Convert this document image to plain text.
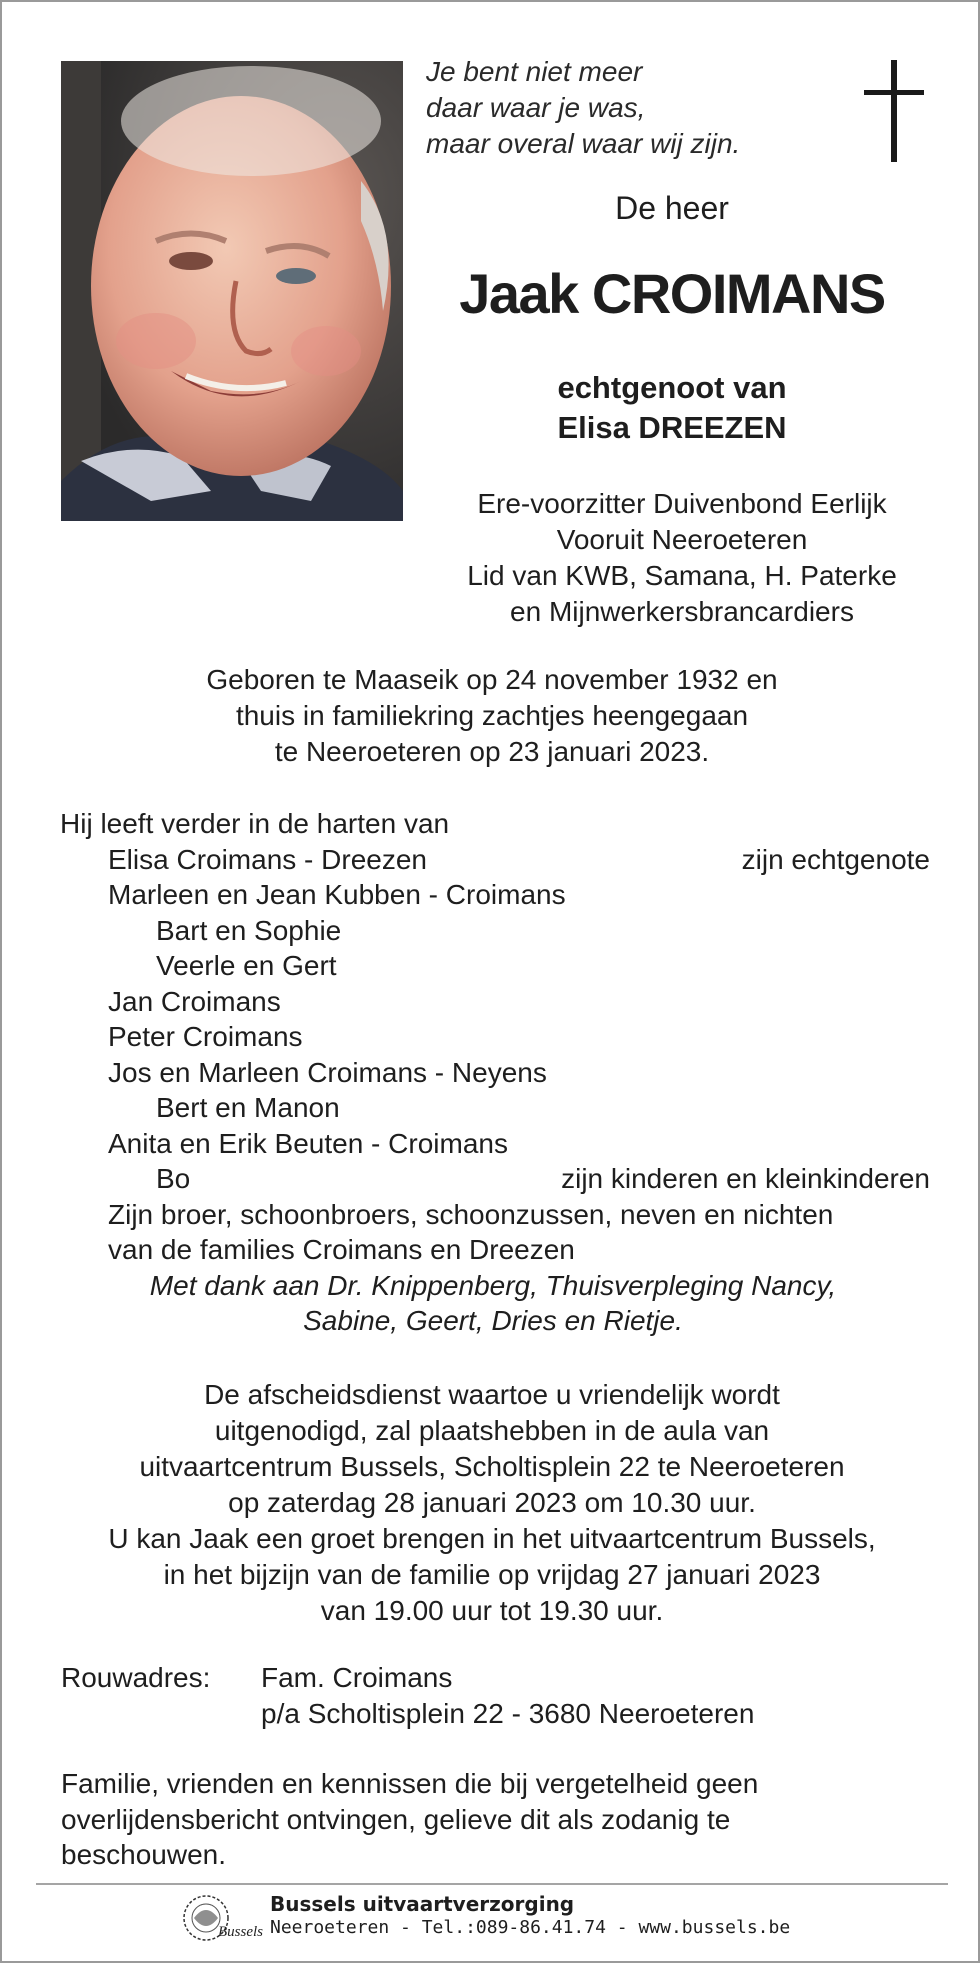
Je bent niet meer
daar waar je was,
maar overal waar wij zijn.
De heer
Jaak CROIMANS
echtgenoot van
Elisa DREEZEN
Ere-voorzitter Duivenbond Eerlijk
Vooruit Neeroeteren
Lid van KWB, Samana, H. Paterke
en Mijnwerkersbrancardiers
Geboren te Maaseik op 24 november 1932 en
thuis in familiekring zachtjes heengegaan
te Neeroeteren op 23 januari 2023.
Hij leeft verder in de harten van
Elisa Croimans - Dreezen	zijn echtgenote
Marleen en Jean Kubben - Croimans
Bart en Sophie
Veerle en Gert
Jan Croimans
Peter Croimans
Jos en Marleen Croimans - Neyens
Bert en Manon
Anita en Erik Beuten - Croimans
Bo	zijn kinderen en kleinkinderen
Zijn broer, schoonbroers, schoonzussen, neven en nichten
van de families Croimans en Dreezen
Met dank aan Dr. Knippenberg, Thuisverpleging Nancy,
Sabine, Geert, Dries en Rietje.
De afscheidsdienst waartoe u vriendelijk wordt
uitgenodigd, zal plaatshebben in de aula van
uitvaartcentrum Bussels, Scholtisplein 22 te Neeroeteren
op zaterdag 28 januari 2023 om 10.30 uur.
U kan Jaak een groet brengen in het uitvaartcentrum Bussels,
in het bijzijn van de familie op vrijdag 27 januari 2023
van 19.00 uur tot 19.30 uur.
Rouwadres: Fam. Croimans
p/a Scholtisplein 22 - 3680 Neeroeteren
Familie, vrienden en kennissen die bij vergetelheid geen
overlijdensbericht ontvingen, gelieve dit als zodanig te
beschouwen.
Bussels
Bussels uitvaartverzorging
Neeroeteren - Tel.:089-86.41.74 - www.bussels.be
